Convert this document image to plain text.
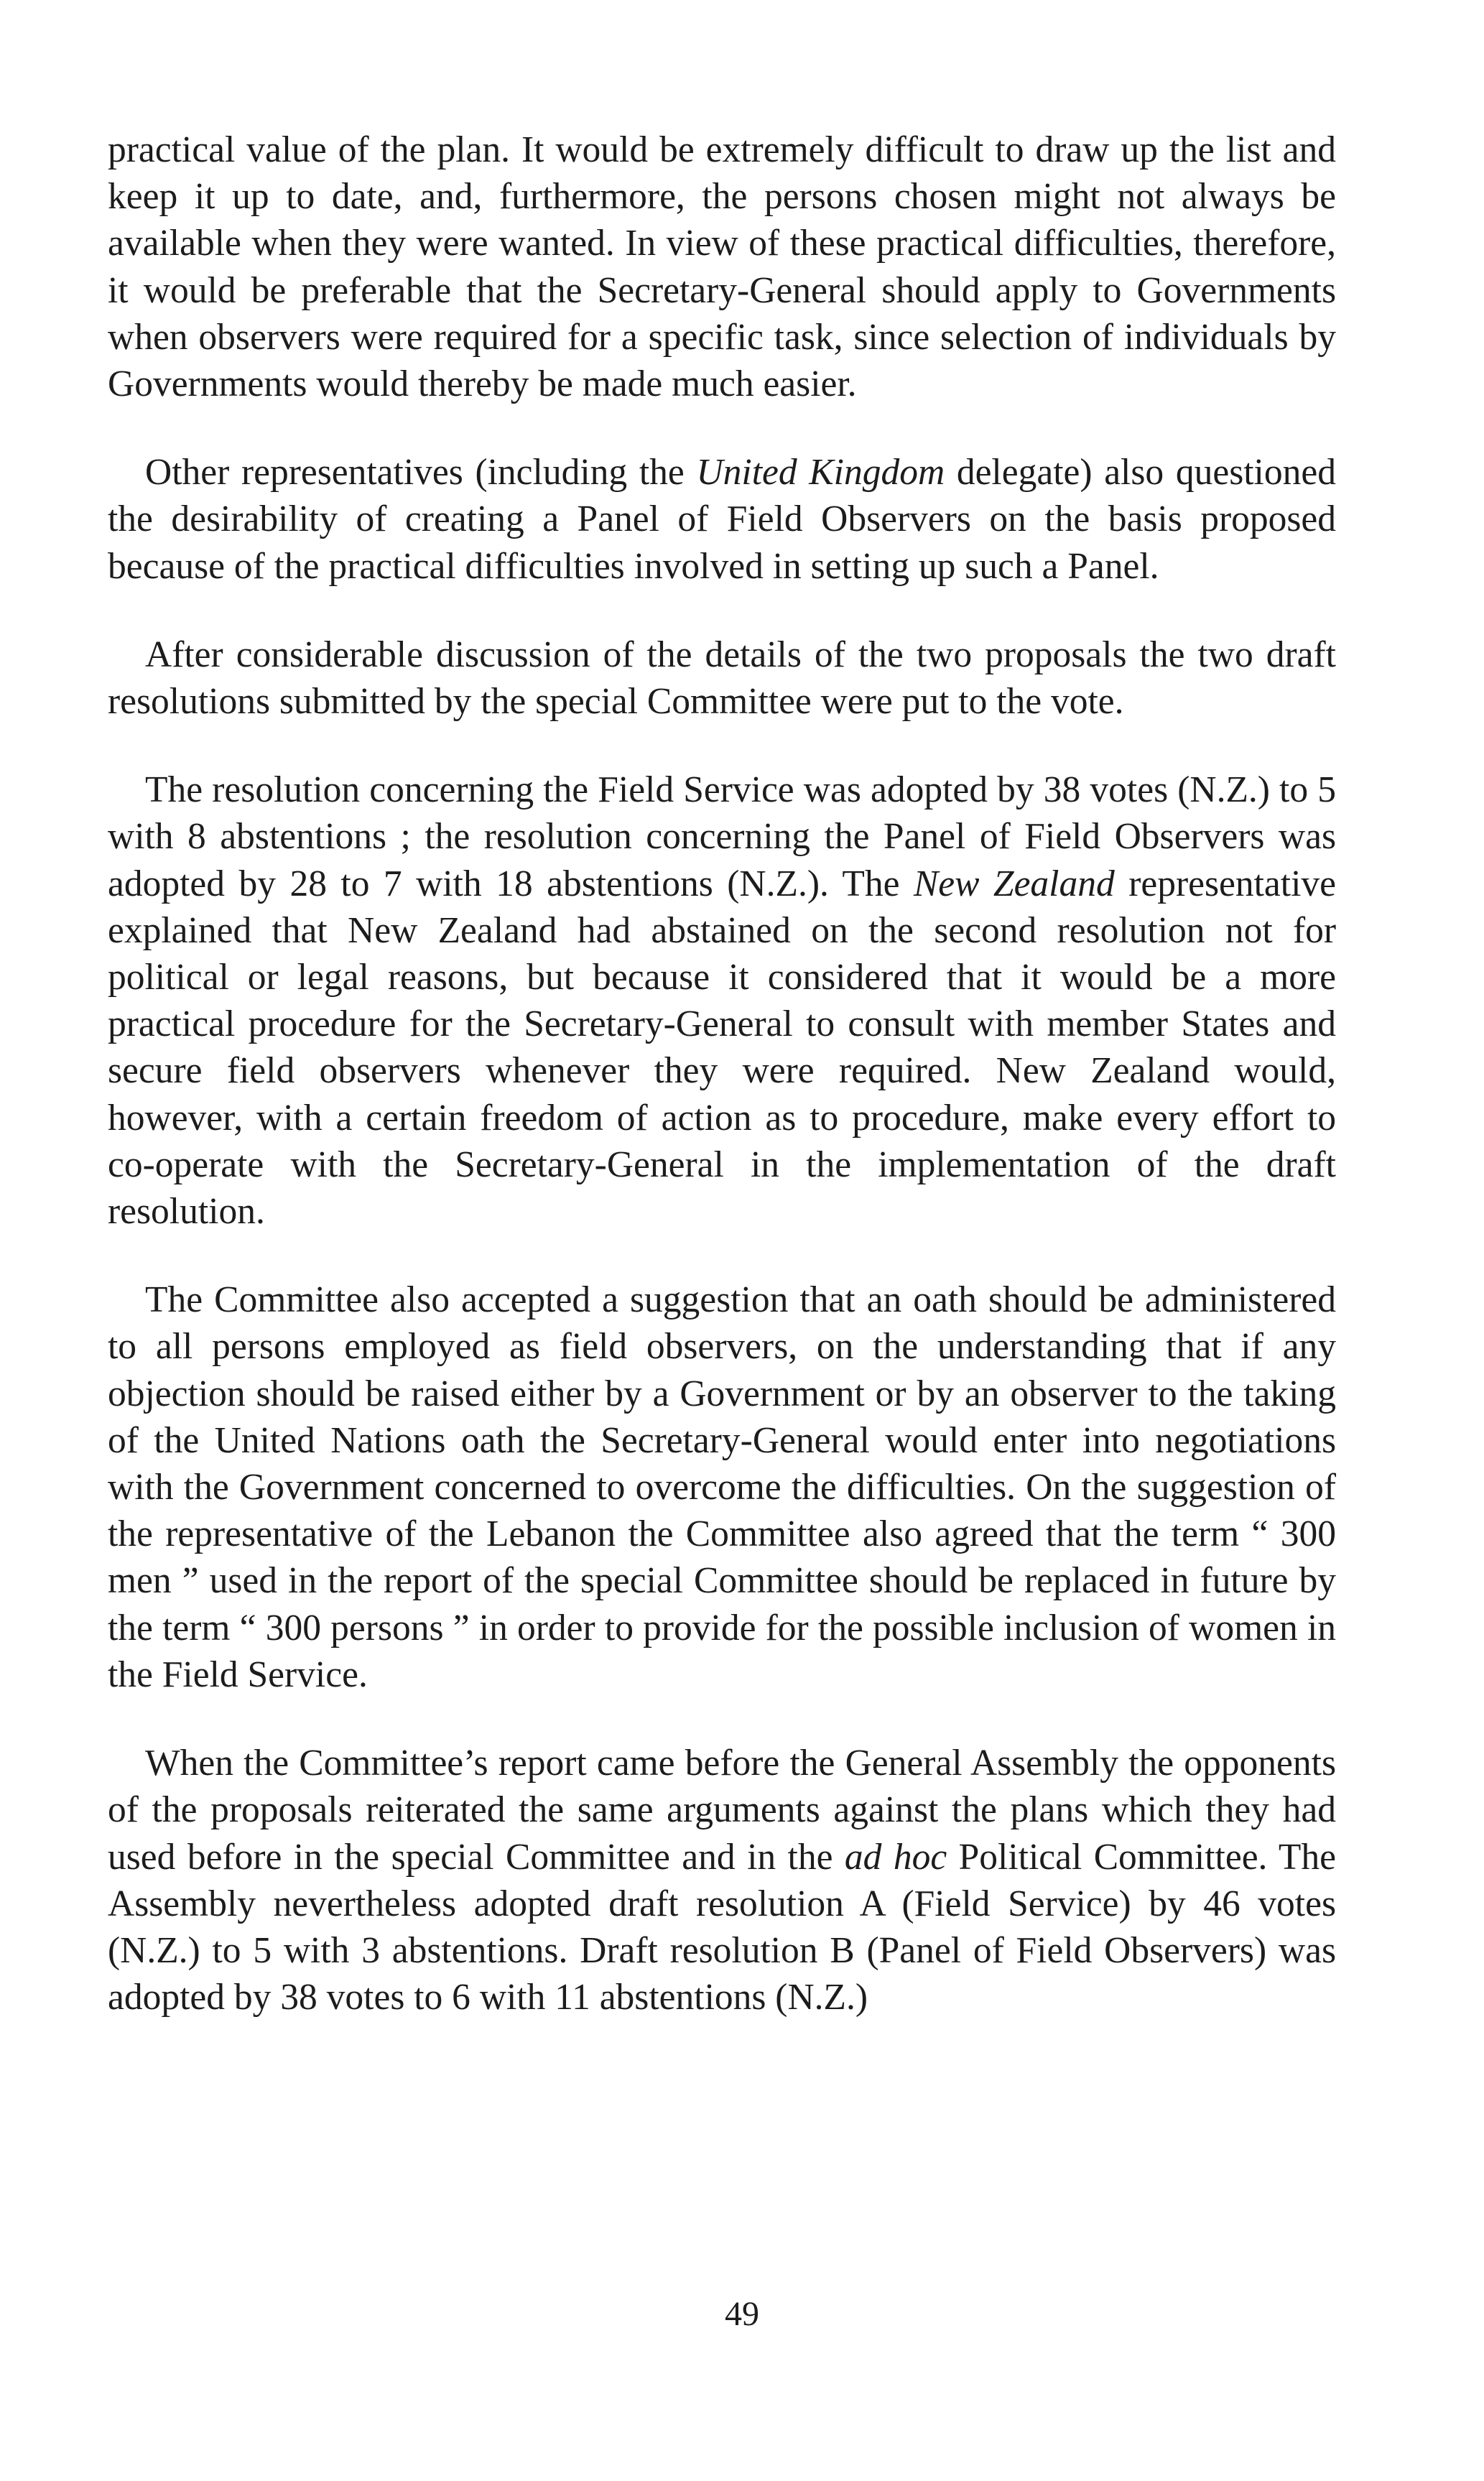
practical value of the plan. It would be extremely difficult to draw up the list and keep it up to date, and, furthermore, the persons chosen might not always be available when they were wanted. In view of these practical difficulties, therefore, it would be preferable that the Secretary-General should apply to Governments when observers were required for a specific task, since selection of individuals by Governments would thereby be made much easier.

Other representatives (including the United Kingdom delegate) also questioned the desirability of creating a Panel of Field Observers on the basis proposed because of the practical difficulties involved in setting up such a Panel.

After considerable discussion of the details of the two proposals the two draft resolutions submitted by the special Committee were put to the vote.

The resolution concerning the Field Service was adopted by 38 votes (N.Z.) to 5 with 8 abstentions ; the resolution concerning the Panel of Field Observers was adopted by 28 to 7 with 18 abstentions (N.Z.). The New Zealand representative explained that New Zealand had abstained on the second resolution not for political or legal reasons, but because it considered that it would be a more practical procedure for the Secretary-General to consult with member States and secure field observers whenever they were required. New Zealand would, however, with a certain freedom of action as to procedure, make every effort to co-operate with the Secretary-General in the implementation of the draft resolution.

The Committee also accepted a suggestion that an oath should be administered to all persons employed as field observers, on the understanding that if any objection should be raised either by a Government or by an observer to the taking of the United Nations oath the Secretary-General would enter into negotiations with the Government concerned to overcome the difficulties. On the suggestion of the representative of the Lebanon the Committee also agreed that the term “ 300 men ” used in the report of the special Committee should be replaced in future by the term “ 300 persons ” in order to provide for the possible inclusion of women in the Field Service.

When the Committee’s report came before the General Assembly the opponents of the proposals reiterated the same arguments against the plans which they had used before in the special Committee and in the ad hoc Political Committee. The Assembly nevertheless adopted draft resolution A (Field Service) by 46 votes (N.Z.) to 5 with 3 abstentions. Draft resolution B (Panel of Field Observers) was adopted by 38 votes to 6 with 11 abstentions (N.Z.)

49
